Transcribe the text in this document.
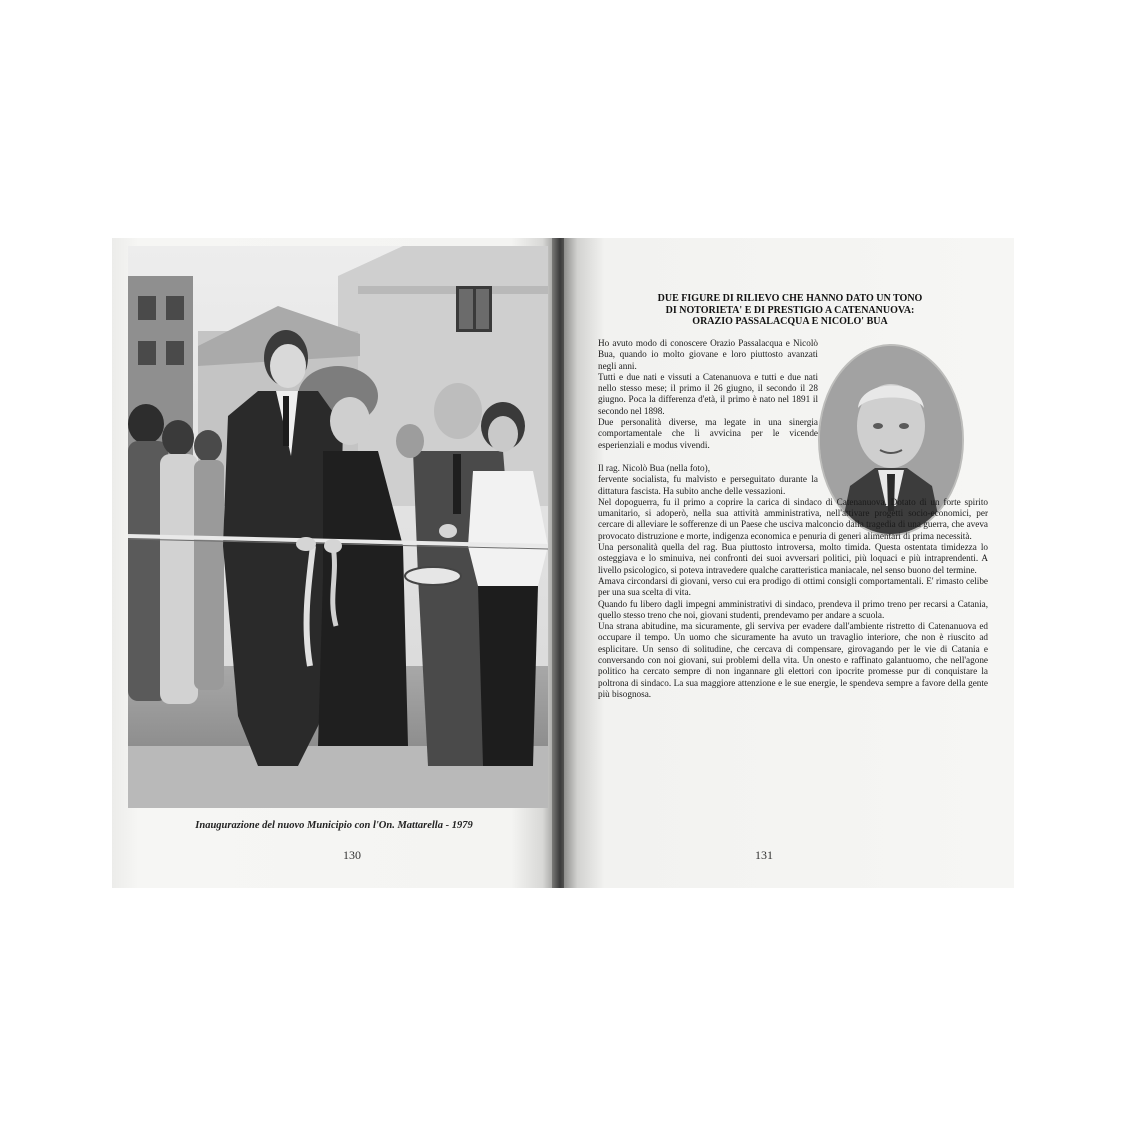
Inaugurazione del nuovo Municipio con l'On. Mattarella - 1979
130
DUE FIGURE DI RILIEVO CHE HANNO DATO UN TONO
DI NOTORIETA' E DI PRESTIGIO A CATENANUOVA:
ORAZIO PASSALACQUA E NICOLO' BUA

Ho avuto modo di conoscere Orazio Passalacqua e Nicolò Bua, quando io molto giovane e loro piuttosto avanzati negli anni.

Tutti e due nati e vissuti a Catenanuova e tutti e due nati nello stesso mese; il primo il 26 giugno, il secondo il 28 giugno. Poca la differenza d'età, il primo è nato nel 1891 il secondo nel 1898.

Due personalità diverse, ma legate in una sinergia comportamentale che li avvicina per le vicende esperienziali e modus vivendi.

Il rag. Nicolò Bua (nella foto),

fervente socialista, fu malvisto e perseguitato durante la dittatura fascista. Ha subito anche delle vessazioni.

Nel dopoguerra, fu il primo a coprire la carica di sindaco di Catenanuova. Dotato di un forte spirito umanitario, si adoperò, nella sua attività amministrativa, nell'attivare progetti socio-economici, per cercare di alleviare le sofferenze di un Paese che usciva malconcio dalla tragedia di una guerra, che aveva provocato distruzione e morte, indigenza economica e penuria di generi alimentari di prima necessità.

Una personalità quella del rag. Bua piuttosto introversa, molto timida. Questa ostentata timidezza lo osteggiava e lo sminuiva, nei confronti dei suoi avversari politici, più loquaci e più intraprendenti. A livello psicologico, si poteva intravedere qualche caratteristica maniacale, nel senso buono del termine.

Amava circondarsi di giovani, verso cui era prodigo di ottimi consigli comportamentali. E' rimasto celibe per una sua scelta di vita.

Quando fu libero dagli impegni amministrativi di sindaco, prendeva il primo treno per recarsi a Catania, quello stesso treno che noi, giovani studenti, prendevamo per andare a scuola.

Una strana abitudine, ma sicuramente, gli serviva per evadere dall'ambiente ristretto di Catenanuova ed occupare il tempo. Un uomo che sicuramente ha avuto un travaglio interiore, che non è riuscito ad esplicitare. Un senso di solitudine, che cercava di compensare, girovagando per le vie di Catania e conversando con noi giovani, sui problemi della vita. Un onesto e raffinato galantuomo, che nell'agone politico ha cercato sempre di non ingannare gli elettori con ipocrite promesse pur di conquistare la poltrona di sindaco. La sua maggiore attenzione e le sue energie, le spendeva sempre a favore della gente più bisognosa.

131
